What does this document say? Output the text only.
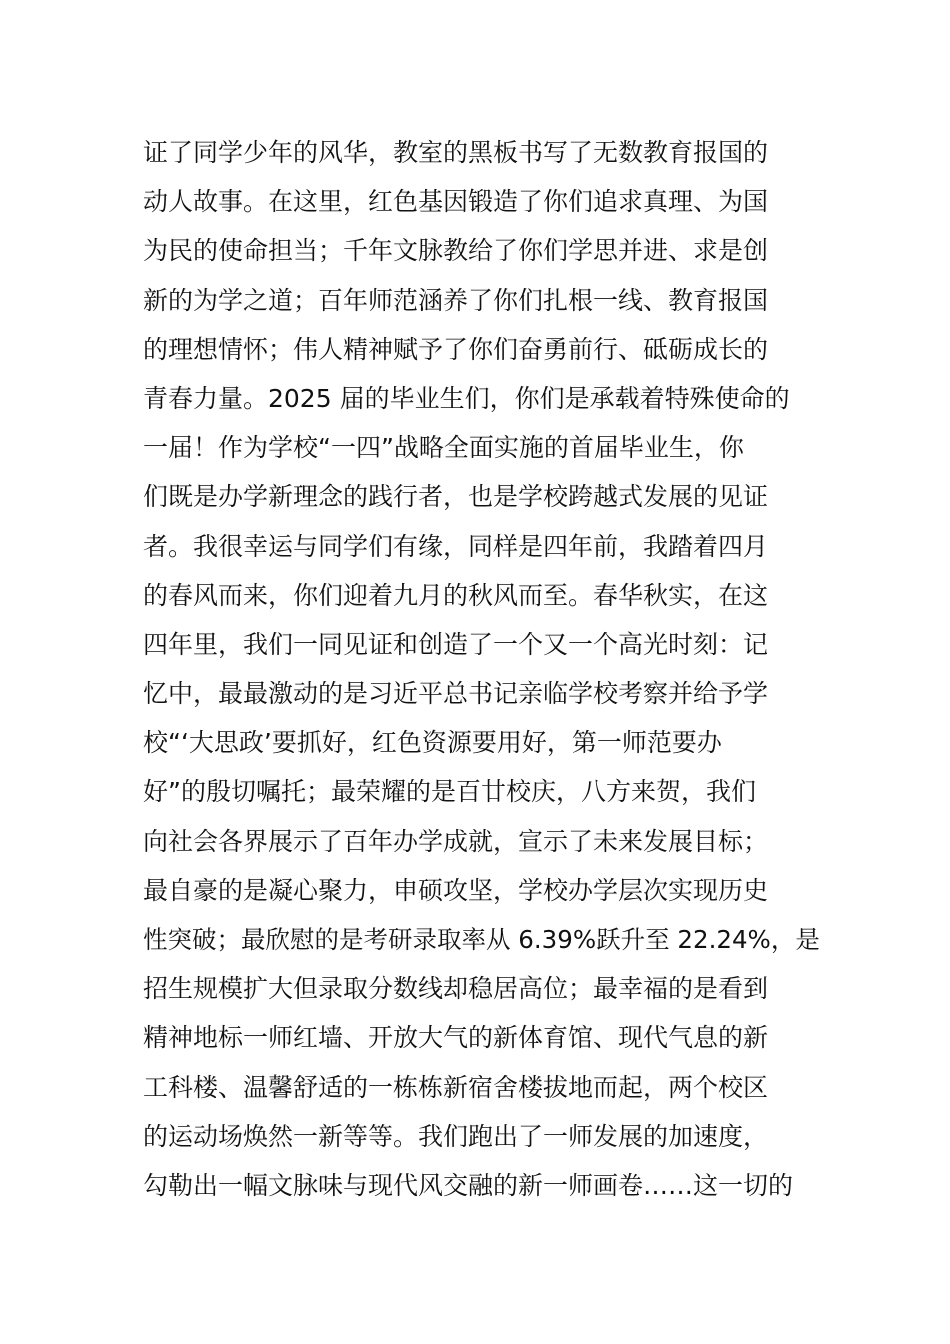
证了同学少年的风华，教室的黑板书写了无数教育报国的
动人故事。在这里，红色基因锻造了你们追求真理、为国
为民的使命担当；千年文脉教给了你们学思并进、求是创
新的为学之道；百年师范涵养了你们扎根一线、教育报国
的理想情怀；伟人精神赋予了你们奋勇前行、砥砺成长的
青春力量。2025 届的毕业生们，你们是承载着特殊使命的
一届！作为学校“一四”战略全面实施的首届毕业生，你
们既是办学新理念的践行者，也是学校跨越式发展的见证
者。我很幸运与同学们有缘，同样是四年前，我踏着四月
的春风而来，你们迎着九月的秋风而至。春华秋实，在这
四年里，我们一同见证和创造了一个又一个高光时刻：记
忆中，最最激动的是习近平总书记亲临学校考察并给予学
校“‘大思政’要抓好，红色资源要用好，第一师范要办
好”的殷切嘱托；最荣耀的是百廿校庆，八方来贺，我们
向社会各界展示了百年办学成就，宣示了未来发展目标；
最自豪的是凝心聚力，申硕攻坚，学校办学层次实现历史
性突破；最欣慰的是考研录取率从 6.39%跃升至 22.24%，是
招生规模扩大但录取分数线却稳居高位；最幸福的是看到
精神地标一师红墙、开放大气的新体育馆、现代气息的新
工科楼、温馨舒适的一栋栋新宿舍楼拔地而起，两个校区
的运动场焕然一新等等。我们跑出了一师发展的加速度，
勾勒出一幅文脉味与现代风交融的新一师画卷……这一切的
